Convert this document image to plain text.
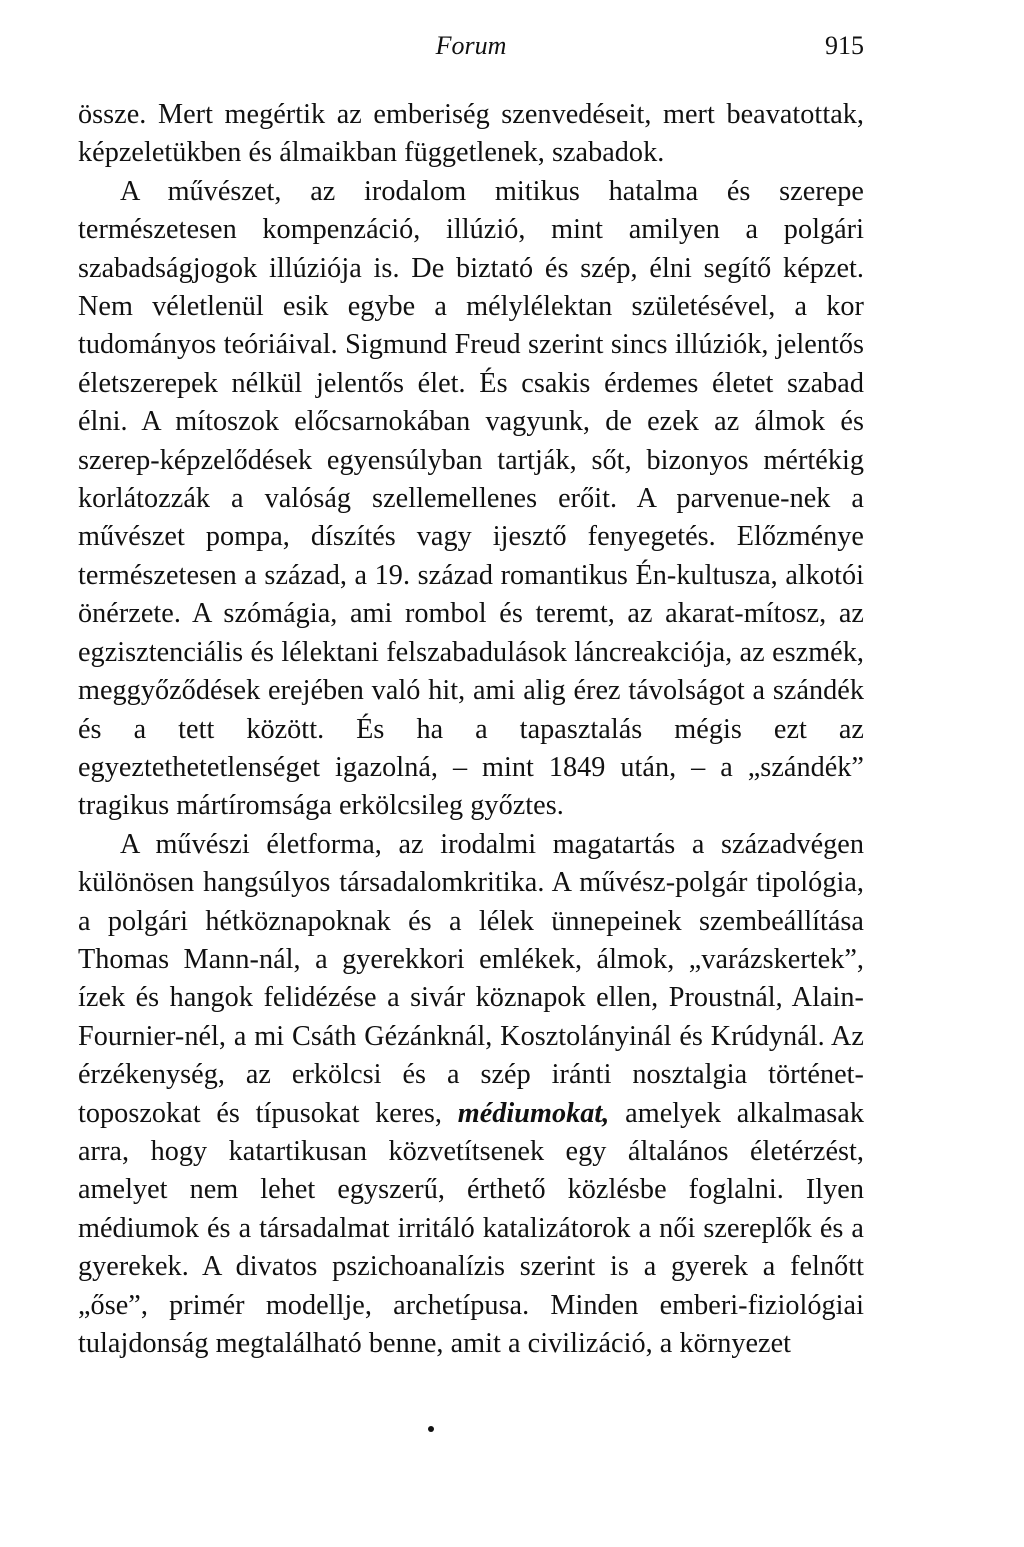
Forum	915

össze. Mert megértik az emberiség szenvedéseit, mert beavatottak, képzeletükben és álmaikban függetlenek, szabadok.

A művészet, az irodalom mitikus hatalma és szerepe természetesen kompenzáció, illúzió, mint amilyen a polgári szabadságjogok illúziója is. De biztató és szép, élni segítő képzet. Nem véletlenül esik egybe a mélylélektan születésével, a kor tudományos teóriáival. Sigmund Freud szerint sincs illúziók, jelentős életszerepek nélkül jelentős élet. És csakis érdemes életet szabad élni. A mítoszok előcsarnokában vagyunk, de ezek az álmok és szerep-képzelődések egyensúlyban tartják, sőt, bizonyos mértékig korlátozzák a valóság szellemellenes erőit. A parvenue-nek a művészet pompa, díszítés vagy ijesztő fenyegetés. Előzménye természetesen a század, a 19. század romantikus Én-kultusza, alkotói önérzete. A szómágia, ami rombol és teremt, az akarat-mítosz, az egzisztenciális és lélektani felszabadulások láncreakciója, az eszmék, meggyőződések erejében való hit, ami alig érez távolságot a szándék és a tett között. És ha a tapasztalás mégis ezt az egyeztethetetlenséget igazolná, – mint 1849 után, – a „szándék” tragikus mártíromsága erkölcsileg győztes.

A művészi életforma, az irodalmi magatartás a századvégen különösen hangsúlyos társadalomkritika. A művész-polgár tipológia, a polgári hétköznapoknak és a lélek ünnepeinek szembeállítása Thomas Mann-nál, a gyerekkori emlékek, álmok, „varázskertek”, ízek és hangok felidézése a sivár köznapok ellen, Proustnál, Alain-Fournier-nél, a mi Csáth Gézánknál, Kosztolányinál és Krúdynál. Az érzékenység, az erkölcsi és a szép iránti nosztalgia történet-toposzokat és típusokat keres, médiumokat, amelyek alkalmasak arra, hogy katartikusan közvetítsenek egy általános életérzést, amelyet nem lehet egyszerű, érthető közlésbe foglalni. Ilyen médiumok és a társadalmat irritáló katalizátorok a női szereplők és a gyerekek. A divatos pszichoanalízis szerint is a gyerek a felnőtt „őse”, primér modellje, archetípusa. Minden emberi-fiziológiai tulajdonság megtalálható benne, amit a civilizáció, a környezet
